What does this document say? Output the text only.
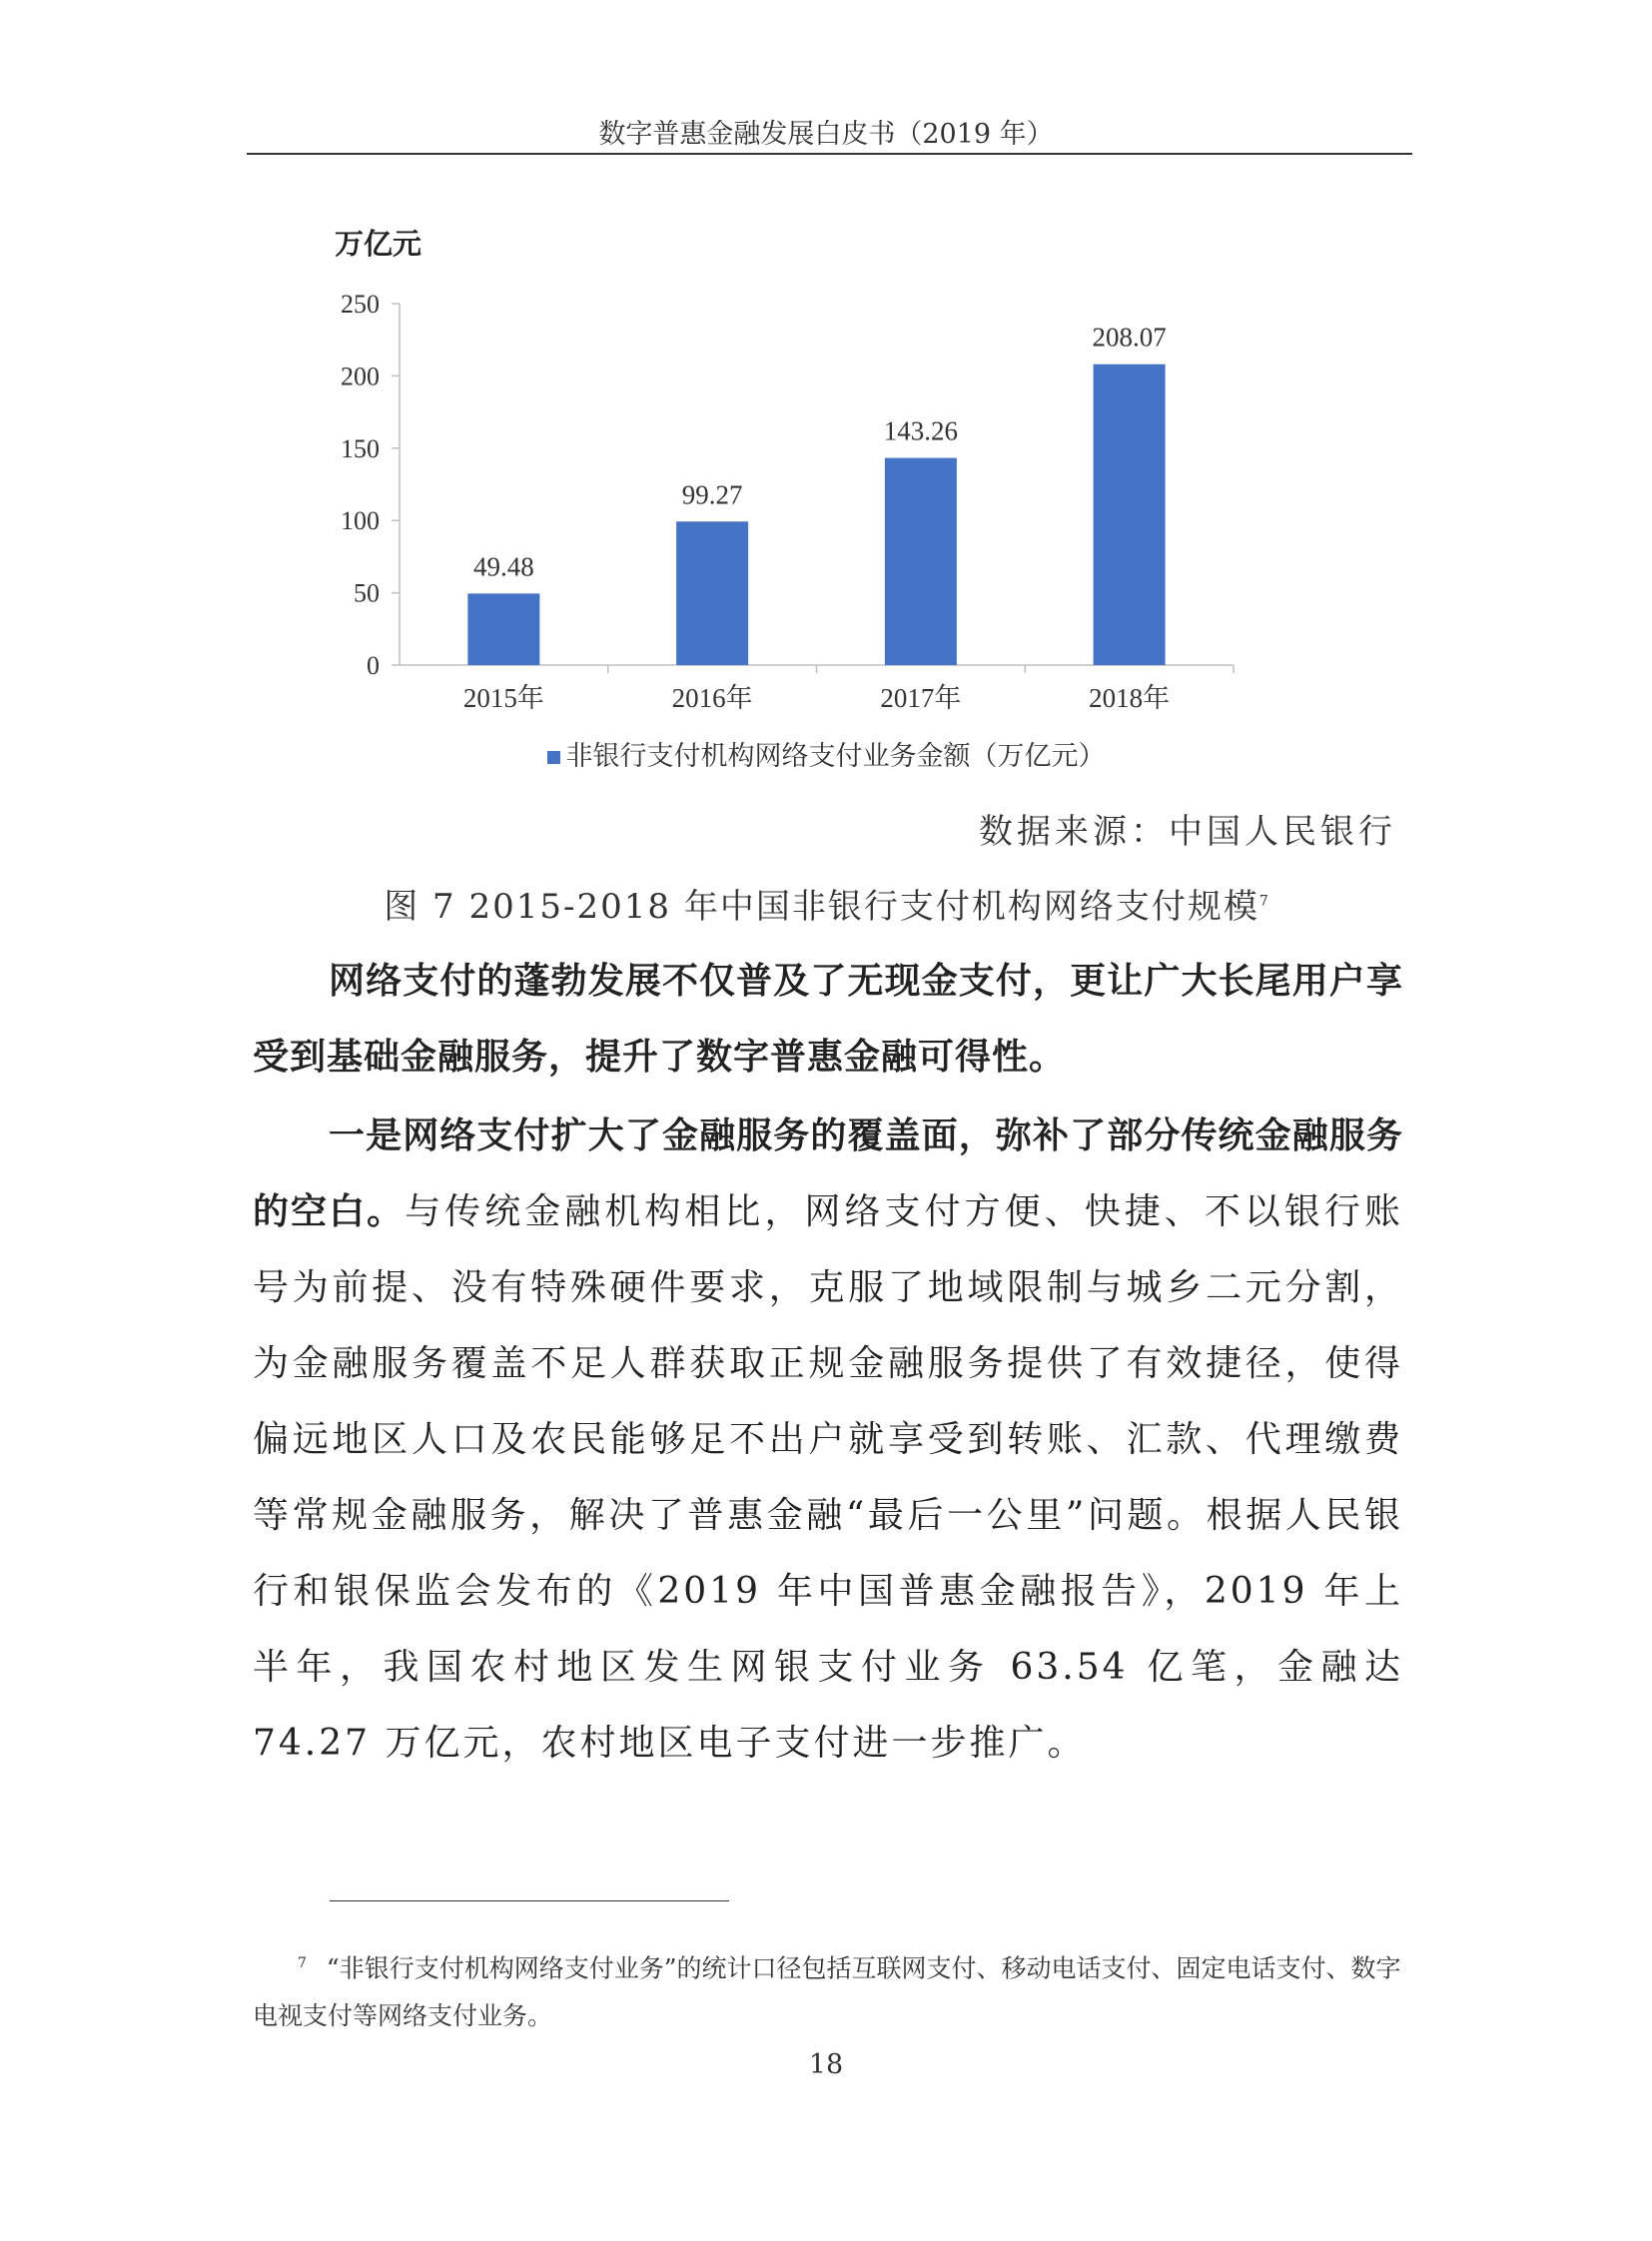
数字普惠金融发展白皮书（2019 年）
万亿元
0
50
100
150
200
250
49.48
2015年
99.27
2016年
143.26
2017年
208.07
2018年
非银行支付机构网络支付业务金额（万亿元）
数据来源：中国人民银行
图 7 2015-2018 年中国非银行支付机构网络支付规模$^7$

网络支付的蓬勃发展不仅普及了无现金支付，更让广大长尾用户享受到基础金融服务，提升了数字普惠金融可得性。

一是网络支付扩大了金融服务的覆盖面，弥补了部分传统金融服务的空白。与传统金融机构相比，网络支付方便、快捷、不以银行账号为前提、没有特殊硬件要求，克服了地域限制与城乡二元分割，为金融服务覆盖不足人群获取正规金融服务提供了有效捷径，使得偏远地区人口及农民能够足不出户就享受到转账、汇款、代理缴费等常规金融服务，解决了普惠金融“最后一公里”问题。根据人民银行和银保监会发布的《2019 年中国普惠金融报告》，2019 年上半年，我国农村地区发生网银支付业务 63.54 亿笔，金融达 74.27 万亿元，农村地区电子支付进一步推广。

$^7$ “非银行支付机构网络支付业务”的统计口径包括互联网支付、移动电话支付、固定电话支付、数字电视支付等网络支付业务。

18
